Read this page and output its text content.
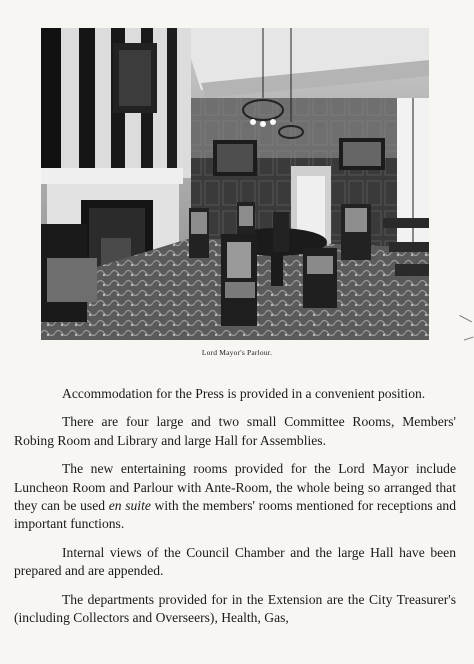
Lord Mayor's Parlour.

Accommodation for the Press is provided in a convenient position.

There are four large and two small Committee Rooms, Members' Robing Room and Library and large Hall for Assemblies.

The new entertaining rooms provided for the Lord Mayor include Luncheon Room and Parlour with Ante-Room, the whole being so arranged that they can be used en suite with the members' rooms mentioned for receptions and important functions.

Internal views of the Council Chamber and the large Hall have been prepared and are appended.

The departments provided for in the Extension are the City Treasurer's (including Collectors and Overseers), Health, Gas,
